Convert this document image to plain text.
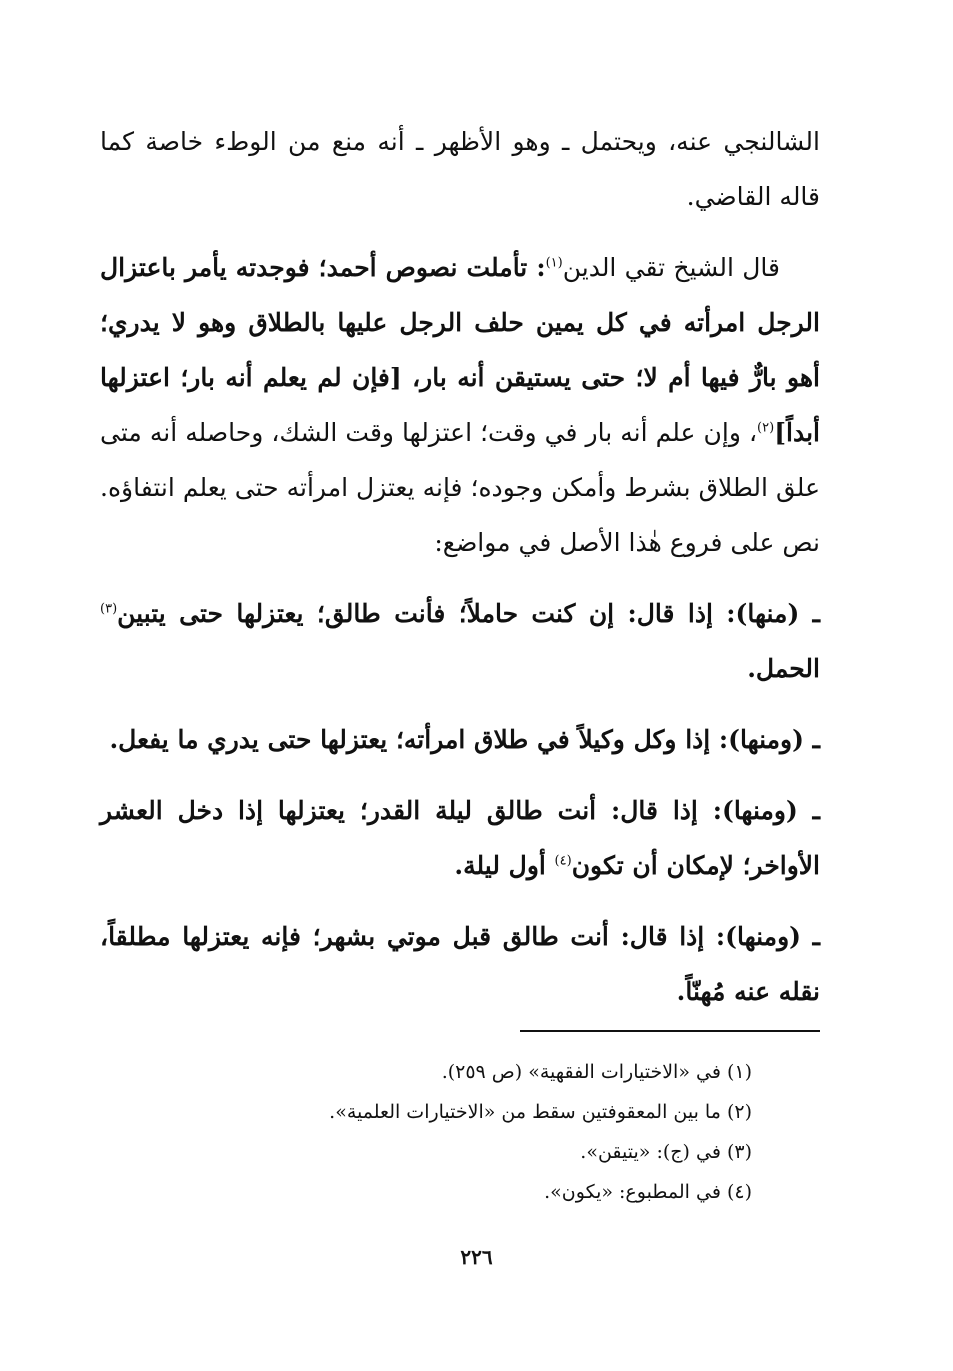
الشالنجي عنه، ويحتمل ـ وهو الأظهر ـ أنه منع من الوطء خاصة كما قاله القاضي.

قال الشيخ تقي الدين$^{(١)}$: تأملت نصوص أحمد؛ فوجدته يأمر باعتزال الرجل امرأته في كل يمين حلف الرجل عليها بالطلاق وهو لا يدري؛ أهو بارٌّ فيها أم لا؛ حتى يستيقن أنه بار، [فإن لم يعلم أنه بار؛ اعتزلها أبداً]$^{(٢)}$، وإن علم أنه بار في وقت؛ اعتزلها وقت الشك، وحاصله أنه متى علق الطلاق بشرط وأمكن وجوده؛ فإنه يعتزل امرأته حتى يعلم انتفاؤه. نص على فروع هٰذا الأصل في مواضع:

ـ (منها): إذا قال: إن كنت حاملاً؛ فأنت طالق؛ يعتزلها حتى يتبين$^{(٣)}$ الحمل.

ـ (ومنها): إذا وكل وكيلاً في طلاق امرأته؛ يعتزلها حتى يدري ما يفعل.

ـ (ومنها): إذا قال: أنت طالق ليلة القدر؛ يعتزلها إذا دخل العشر الأواخر؛ لإمكان أن تكون$^{(٤)}$ أول ليلة.

ـ (ومنها): إذا قال: أنت طالق قبل موتي بشهر؛ فإنه يعتزلها مطلقاً، نقله عنه مُهنّاً.

(١) في «الاختيارات الفقهية» (ص ٢٥٩).

(٢) ما بين المعقوفتين سقط من «الاختيارات العلمية».

(٣) في (ج): «يتيقن».

(٤) في المطبوع: «يكون».

٢٢٦
